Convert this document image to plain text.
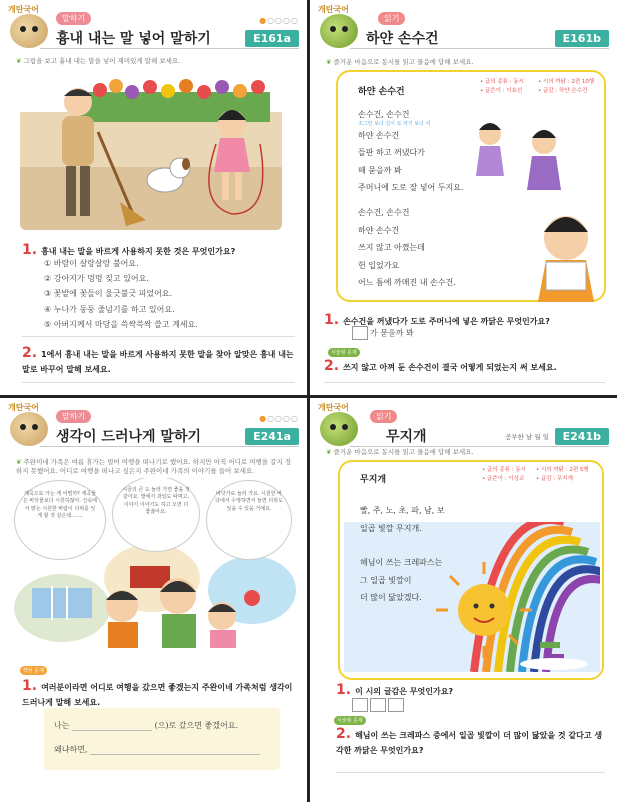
개탄국어
말하기	●○○○○
흉내 내는 말 넣어 말하기	E161a
❦ 그림을 보고 흉내 내는 말을 넣어 재미있게 말해 보세요.
1. 흉내 내는 말을 바르게 사용하지 못한 것은 무엇인가요?
① 바람이 살랑살랑 불어요.
② 강아지가 멍멍 짖고 있어요.
③ 꽃밭에 꽃들이 울긋불긋 피었어요.
④ 누나가 둥둥 줄넘기를 하고 있어요.
⑤ 아버지께서 마당을 쓱싹쓱싹 쓸고 계세요.
2. 1에서 흉내 내는 말을 바르게 사용하지 못한 말을 찾아 알맞은 흉내 내는 말로 바꾸어 말해 보세요.
개탄국어
읽기
하얀 손수건	E161b
❦ 즐거운 마음으로 동시를 읽고 물음에 답해 보세요.
하얀 손수건
• 글의 종류 : 동시
• 글쓴이 : 이효선
• 시의 까닭 : 2편 10행
• 글감 : 하얀 손수건
손수건, 손수건
조그만 보다 길이 로 자기 보다 셔
하얀 손수건
들판 하고 꺼냈다가
때 묻을까 봐
주머니에 도로 잘 넣어 두지요.
손수건, 손수건
하얀 손수건
쓰지 않고 아꼈는데
헌 입었가요
어느 틈에 까매진 내 손수건.
1. 손수건을 꺼냈다가 도로 주머니에 넣은 까닭은 무엇인가요?
가 묻을까 봐
서술형 문제
2. 쓰지 않고 아껴 둔 손수건이 결국 어떻게 되었는지 써 보세요.
개탄국어
말하기	●○○○○
생각이 드러나게 말하기	E241a
❦ 주완이네 가족은 여름 휴가는 멀어 여행을 떠나기로 했어요. 하지만 아직 어디로 여행을 갈지 정하지 못했어요. 어디로 여행을 떠나고 싶은지 주완이네 가족의 이야기를 들어 보세요.
계곡으로 가는 게 어떨까? 계곡물은 바닷물보다 시원하잖아. 산속에서 맑는 시원한 바람이 더위를 잊게 할 것 같은데…….
시골의 큰 도 놀러 가면 좋을 것 같아요. 밭에서 과일도 따먹고, 이야기 이야기도 하고 오면 더 좋잖아요.
바닷가로 놀러 가요. 시원한 바다에서 수영하면서 놀면 더위도 잊을 수 있을 거예요.
핵심 문제
1. 여러분이라면 어디로 여행을 갔으면 좋겠는지 주완이네 가족처럼 생각이 드러나게 말해 보세요.
나는	(으)로 갔으면 좋겠어요.
왜냐하면,
개탄국어
읽기
공부한 날 월 일
무지개	E241b
❦ 즐거운 마음으로 동시를 읽고 물음에 답해 보세요.
무지개
• 글의 종류 : 동시
• 글쓴이 : 이상교
• 시의 까닭 : 2편 5행
• 글감 : 무지개
빨, 주, 노, 초, 파, 남, 보
일곱 빛깔 무지개.
해님이 쓰는 크레파스는
그 일곱 빛깔이
더 많이 닳았겠다.
1. 이 시의 글감은 무엇인가요?
서술형 문제
2. 해님이 쓰는 크레파스 중에서 일곱 빛깔이 더 많이 닳았을 것 같다고 생각한 까닭은 무엇인가요?
